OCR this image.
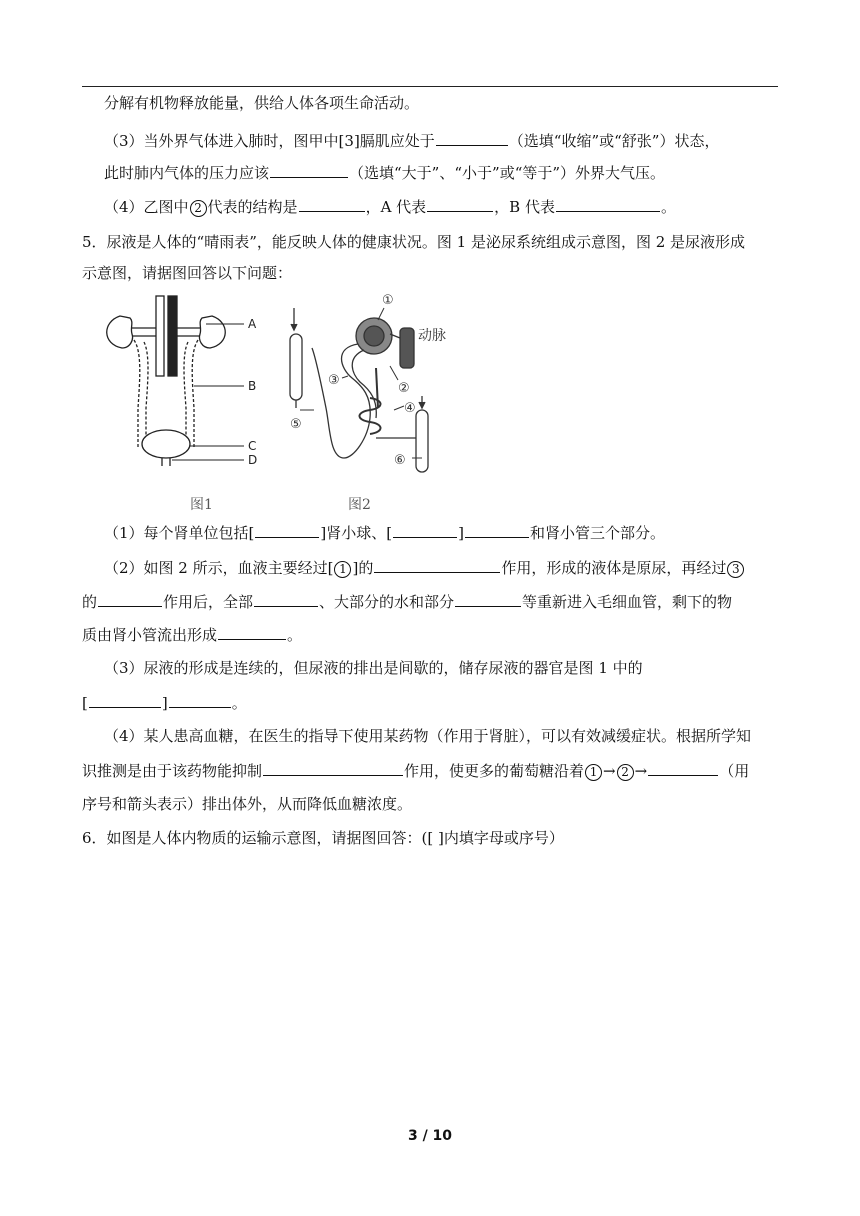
分解有机物释放能量，供给人体各项生命活动。
（3）当外界气体进入肺时，图甲中[3]膈肌应处于	（选填“收缩”或“舒张”）状态，
此时肺内气体的压力应该	（选填“大于”、“小于”或“等于”）外界大气压。
（4）乙图中 2 代表的结构是	，A 代表	，B 代表	。
5．尿液是人体的“晴雨表”，能反映人体的健康状况。图 1 是泌尿系统组成示意图，图 2 是尿液形成
示意图，请据图回答以下问题：
A
B
C
D
①
②
③
④
⑤
⑥
动脉
图1	图2
（1）每个肾单位包括[	]肾小球、[	]	和肾小管三个部分。
（2）如图 2 所示，血液主要经过[ 1 ]的	作用，形成的液体是原尿，再经过 3
的	作用后，全部	、大部分的水和部分	等重新进入毛细血管，剩下的物
质由肾小管流出形成	。
（3）尿液的形成是连续的，但尿液的排出是间歇的，储存尿液的器官是图 1 中的
[	]	。
（4）某人患高血糖，在医生的指导下使用某药物（作用于肾脏），可以有效减缓症状。根据所学知
识推测是由于该药物能抑制	作用，使更多的葡萄糖沿着 1 → 2 →	（用
序号和箭头表示）排出体外，从而降低血糖浓度。
6．如图是人体内物质的运输示意图，请据图回答：([ ]内填字母或序号）
3 / 10
